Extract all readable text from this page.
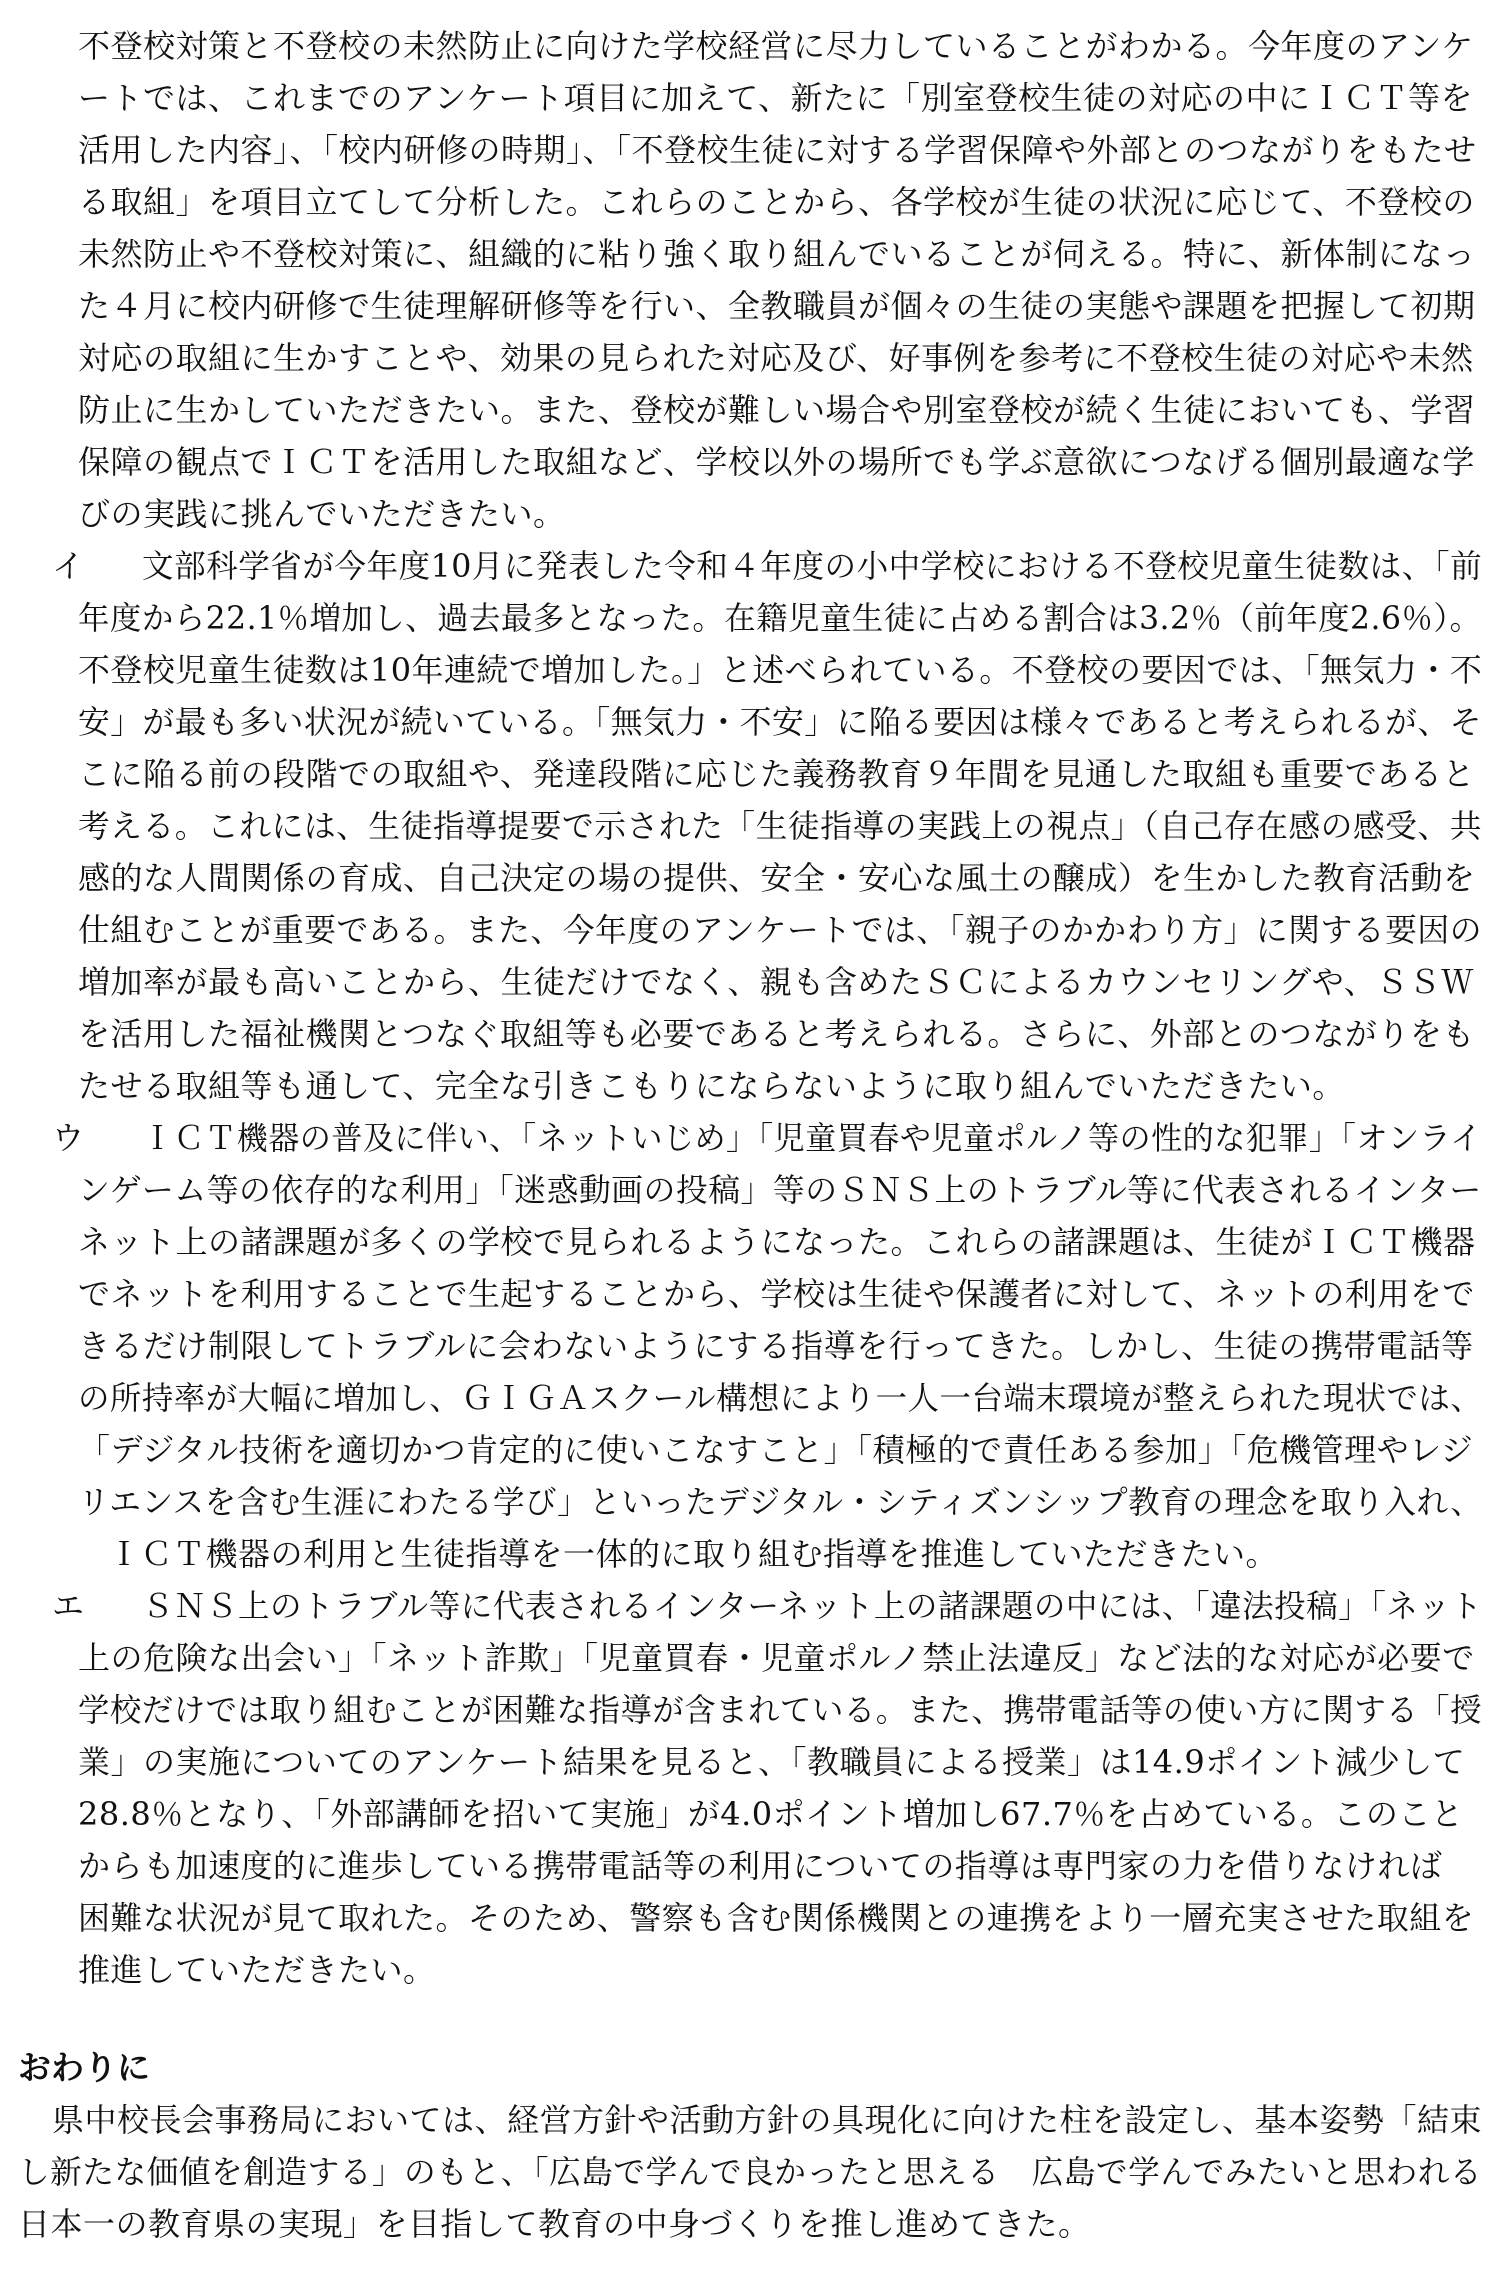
不登校対策と不登校の未然防止に向けた学校経営に尽力していることがわかる。今年度のアンケ
ートでは、これまでのアンケート項目に加えて、新たに「別室登校生徒の対応の中にＩＣＴ等を
活用した内容」、「校内研修の時期」、「不登校生徒に対する学習保障や外部とのつながりをもたせ
る取組」を項目立てして分析した。これらのことから、各学校が生徒の状況に応じて、不登校の
未然防止や不登校対策に、組織的に粘り強く取り組んでいることが伺える。特に、新体制になっ
た４月に校内研修で生徒理解研修等を行い、全教職員が個々の生徒の実態や課題を把握して初期
対応の取組に生かすことや、効果の見られた対応及び、好事例を参考に不登校生徒の対応や未然
防止に生かしていただきたい。また、登校が難しい場合や別室登校が続く生徒においても、学習
保障の観点でＩＣＴを活用した取組など、学校以外の場所でも学ぶ意欲につなげる個別最適な学
びの実践に挑んでいただきたい。
イ 文部科学省が今年度10月に発表した令和４年度の小中学校における不登校児童生徒数は、「前
年度から22.1％増加し、過去最多となった。在籍児童生徒に占める割合は3.2％（前年度2.6％）。
不登校児童生徒数は10年連続で増加した。」と述べられている。不登校の要因では、「無気力・不
安」が最も多い状況が続いている。「無気力・不安」に陥る要因は様々であると考えられるが、そ
こに陥る前の段階での取組や、発達段階に応じた義務教育９年間を見通した取組も重要であると
考える。これには、生徒指導提要で示された「生徒指導の実践上の視点」（自己存在感の感受、共
感的な人間関係の育成、自己決定の場の提供、安全・安心な風土の醸成）を生かした教育活動を
仕組むことが重要である。また、今年度のアンケートでは、「親子のかかわり方」に関する要因の
増加率が最も高いことから、生徒だけでなく、親も含めたＳＣによるカウンセリングや、ＳＳＷ
を活用した福祉機関とつなぐ取組等も必要であると考えられる。さらに、外部とのつながりをも
たせる取組等も通して、完全な引きこもりにならないように取り組んでいただきたい。
ウ ＩＣＴ機器の普及に伴い、「ネットいじめ」「児童買春や児童ポルノ等の性的な犯罪」「オンライ
ンゲーム等の依存的な利用」「迷惑動画の投稿」等のＳＮＳ上のトラブル等に代表されるインター
ネット上の諸課題が多くの学校で見られるようになった。これらの諸課題は、生徒がＩＣＴ機器
でネットを利用することで生起することから、学校は生徒や保護者に対して、ネットの利用をで
きるだけ制限してトラブルに会わないようにする指導を行ってきた。しかし、生徒の携帯電話等
の所持率が大幅に増加し、ＧＩＧＡスクール構想により一人一台端末環境が整えられた現状では、
「デジタル技術を適切かつ肯定的に使いこなすこと」「積極的で責任ある参加」「危機管理やレジ
リエンスを含む生涯にわたる学び」といったデジタル・シティズンシップ教育の理念を取り入れ、
ＩＣＴ機器の利用と生徒指導を一体的に取り組む指導を推進していただきたい。
エ ＳＮＳ上のトラブル等に代表されるインターネット上の諸課題の中には、「違法投稿」「ネット
上の危険な出会い」「ネット詐欺」「児童買春・児童ポルノ禁止法違反」など法的な対応が必要で
学校だけでは取り組むことが困難な指導が含まれている。また、携帯電話等の使い方に関する「授
業」の実施についてのアンケート結果を見ると、「教職員による授業」は14.9ポイント減少して
28.8％となり、「外部講師を招いて実施」が4.0ポイント増加し67.7％を占めている。このこと
からも加速度的に進歩している携帯電話等の利用についての指導は専門家の力を借りなければ
困難な状況が見て取れた。そのため、警察も含む関係機関との連携をより一層充実させた取組を
推進していただきたい。
おわりに
県中校長会事務局においては、経営方針や活動方針の具現化に向けた柱を設定し、基本姿勢「結束
し新たな価値を創造する」のもと、「広島で学んで良かったと思える　広島で学んでみたいと思われる
日本一の教育県の実現」を目指して教育の中身づくりを推し進めてきた。
